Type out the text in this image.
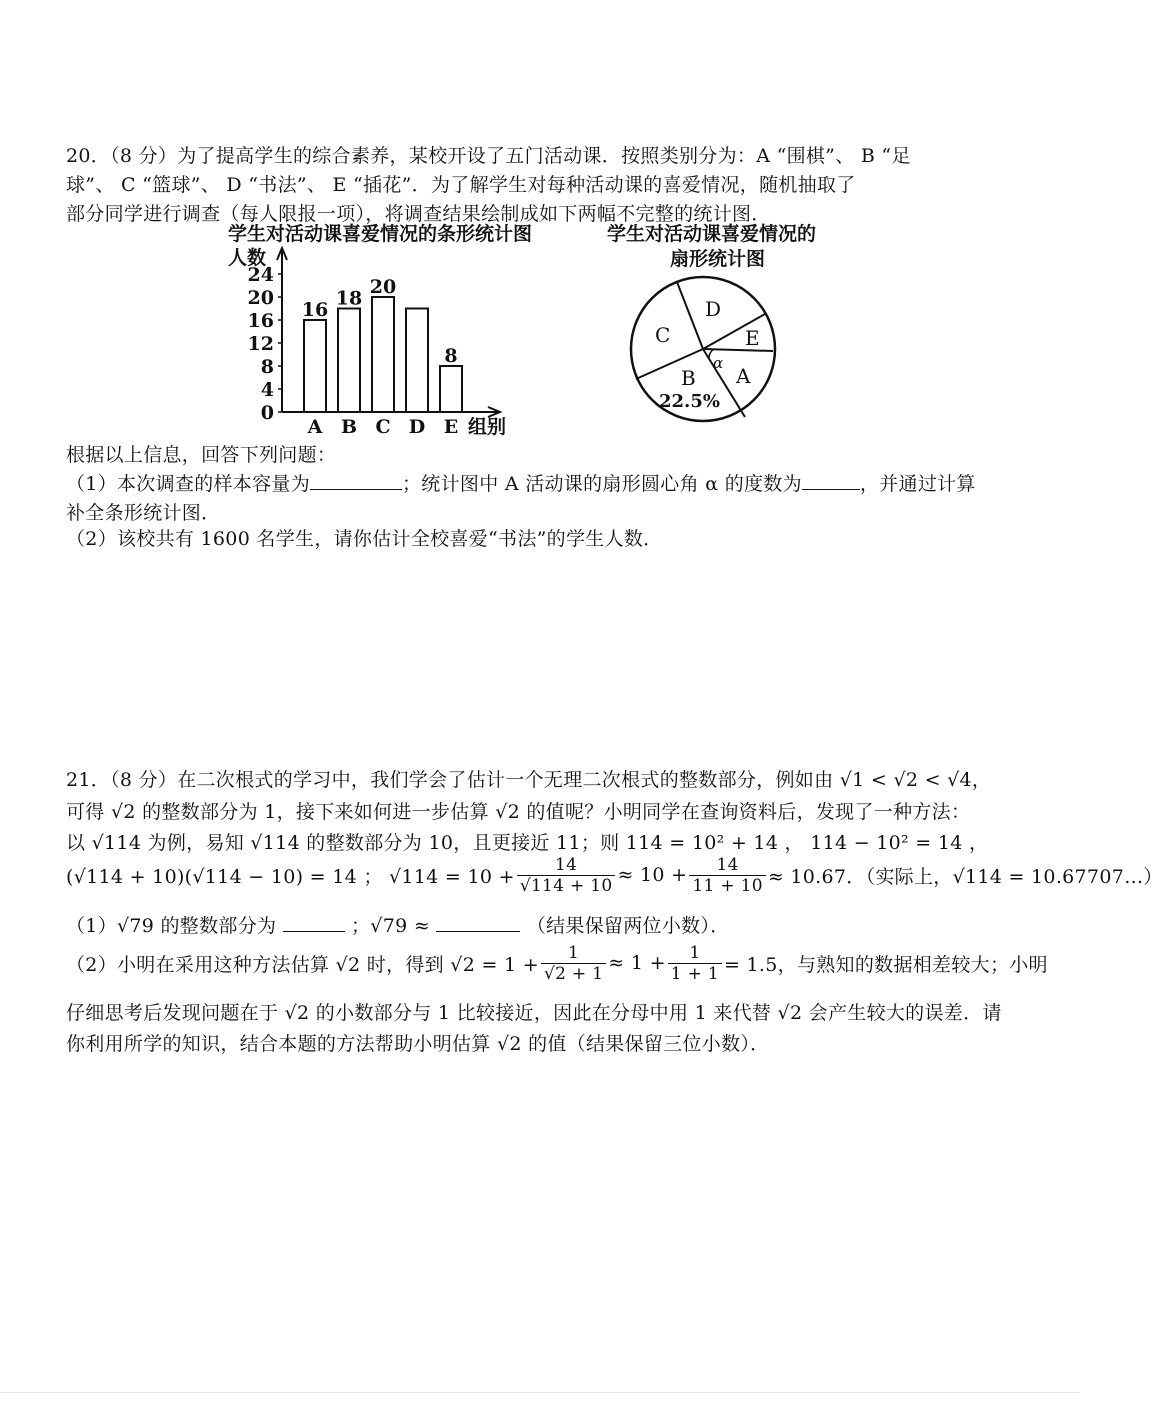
20．（8 分）为了提高学生的综合素养，某校开设了五门活动课．按照类别分为：A “围棋”、 B “足
球”、 C “篮球”、 D “书法”、 E “插花”．为了解学生对每种活动课的喜爱情况，随机抽取了
部分同学进行调查（每人限报一项），将调查结果绘制成如下两幅不完整的统计图．
学生对活动课喜爱情况的条形统计图	学生对活动课喜爱情况的
扇形统计图
人数
组别
0
4
8
12
16
20
24
A
16
B
18
C
20
D E
8
C
D
E
A
B
22.5%
α
根据以上信息，回答下列问题：
（1）本次调查的样本容量为	；统计图中 A 活动课的扇形圆心角 α 的度数为	，并通过计算
补全条形统计图．
（2）该校共有 1600 名学生，请你估计全校喜爱“书法”的学生人数．
21．（8 分）在二次根式的学习中，我们学会了估计一个无理二次根式的整数部分，例如由 √1 < √2 < √4，
可得 √2 的整数部分为 1，接下来如何进一步估算 √2 的值呢？小明同学在查询资料后，发现了一种方法：
以 √114 为例，易知 √114 的整数部分为 10，且更接近 11；则 114 = 10² + 14 ， 114 − 10² = 14 ，
(√114 + 10)(√114 − 10) = 14 ； $√114 = 10 + \frac{14}{√114 + 10} \approx 10 + \frac{14}{11 + 10} \approx 10.67$．（实际上，√114 = 10.67707…）
（1）√79 的整数部分为	；√79 ≈	（结果保留两位小数）．
（2）小明在采用这种方法估算 √2 时，得到 $√2 = 1 + \frac{1}{√2 + 1} \approx 1 + \frac{1}{1 + 1} = 1.5$，与熟知的数据相差较大；小明
仔细思考后发现问题在于 √2 的小数部分与 1 比较接近，因此在分母中用 1 来代替 √2 会产生较大的误差．请
你利用所学的知识，结合本题的方法帮助小明估算 √2 的值（结果保留三位小数）．
